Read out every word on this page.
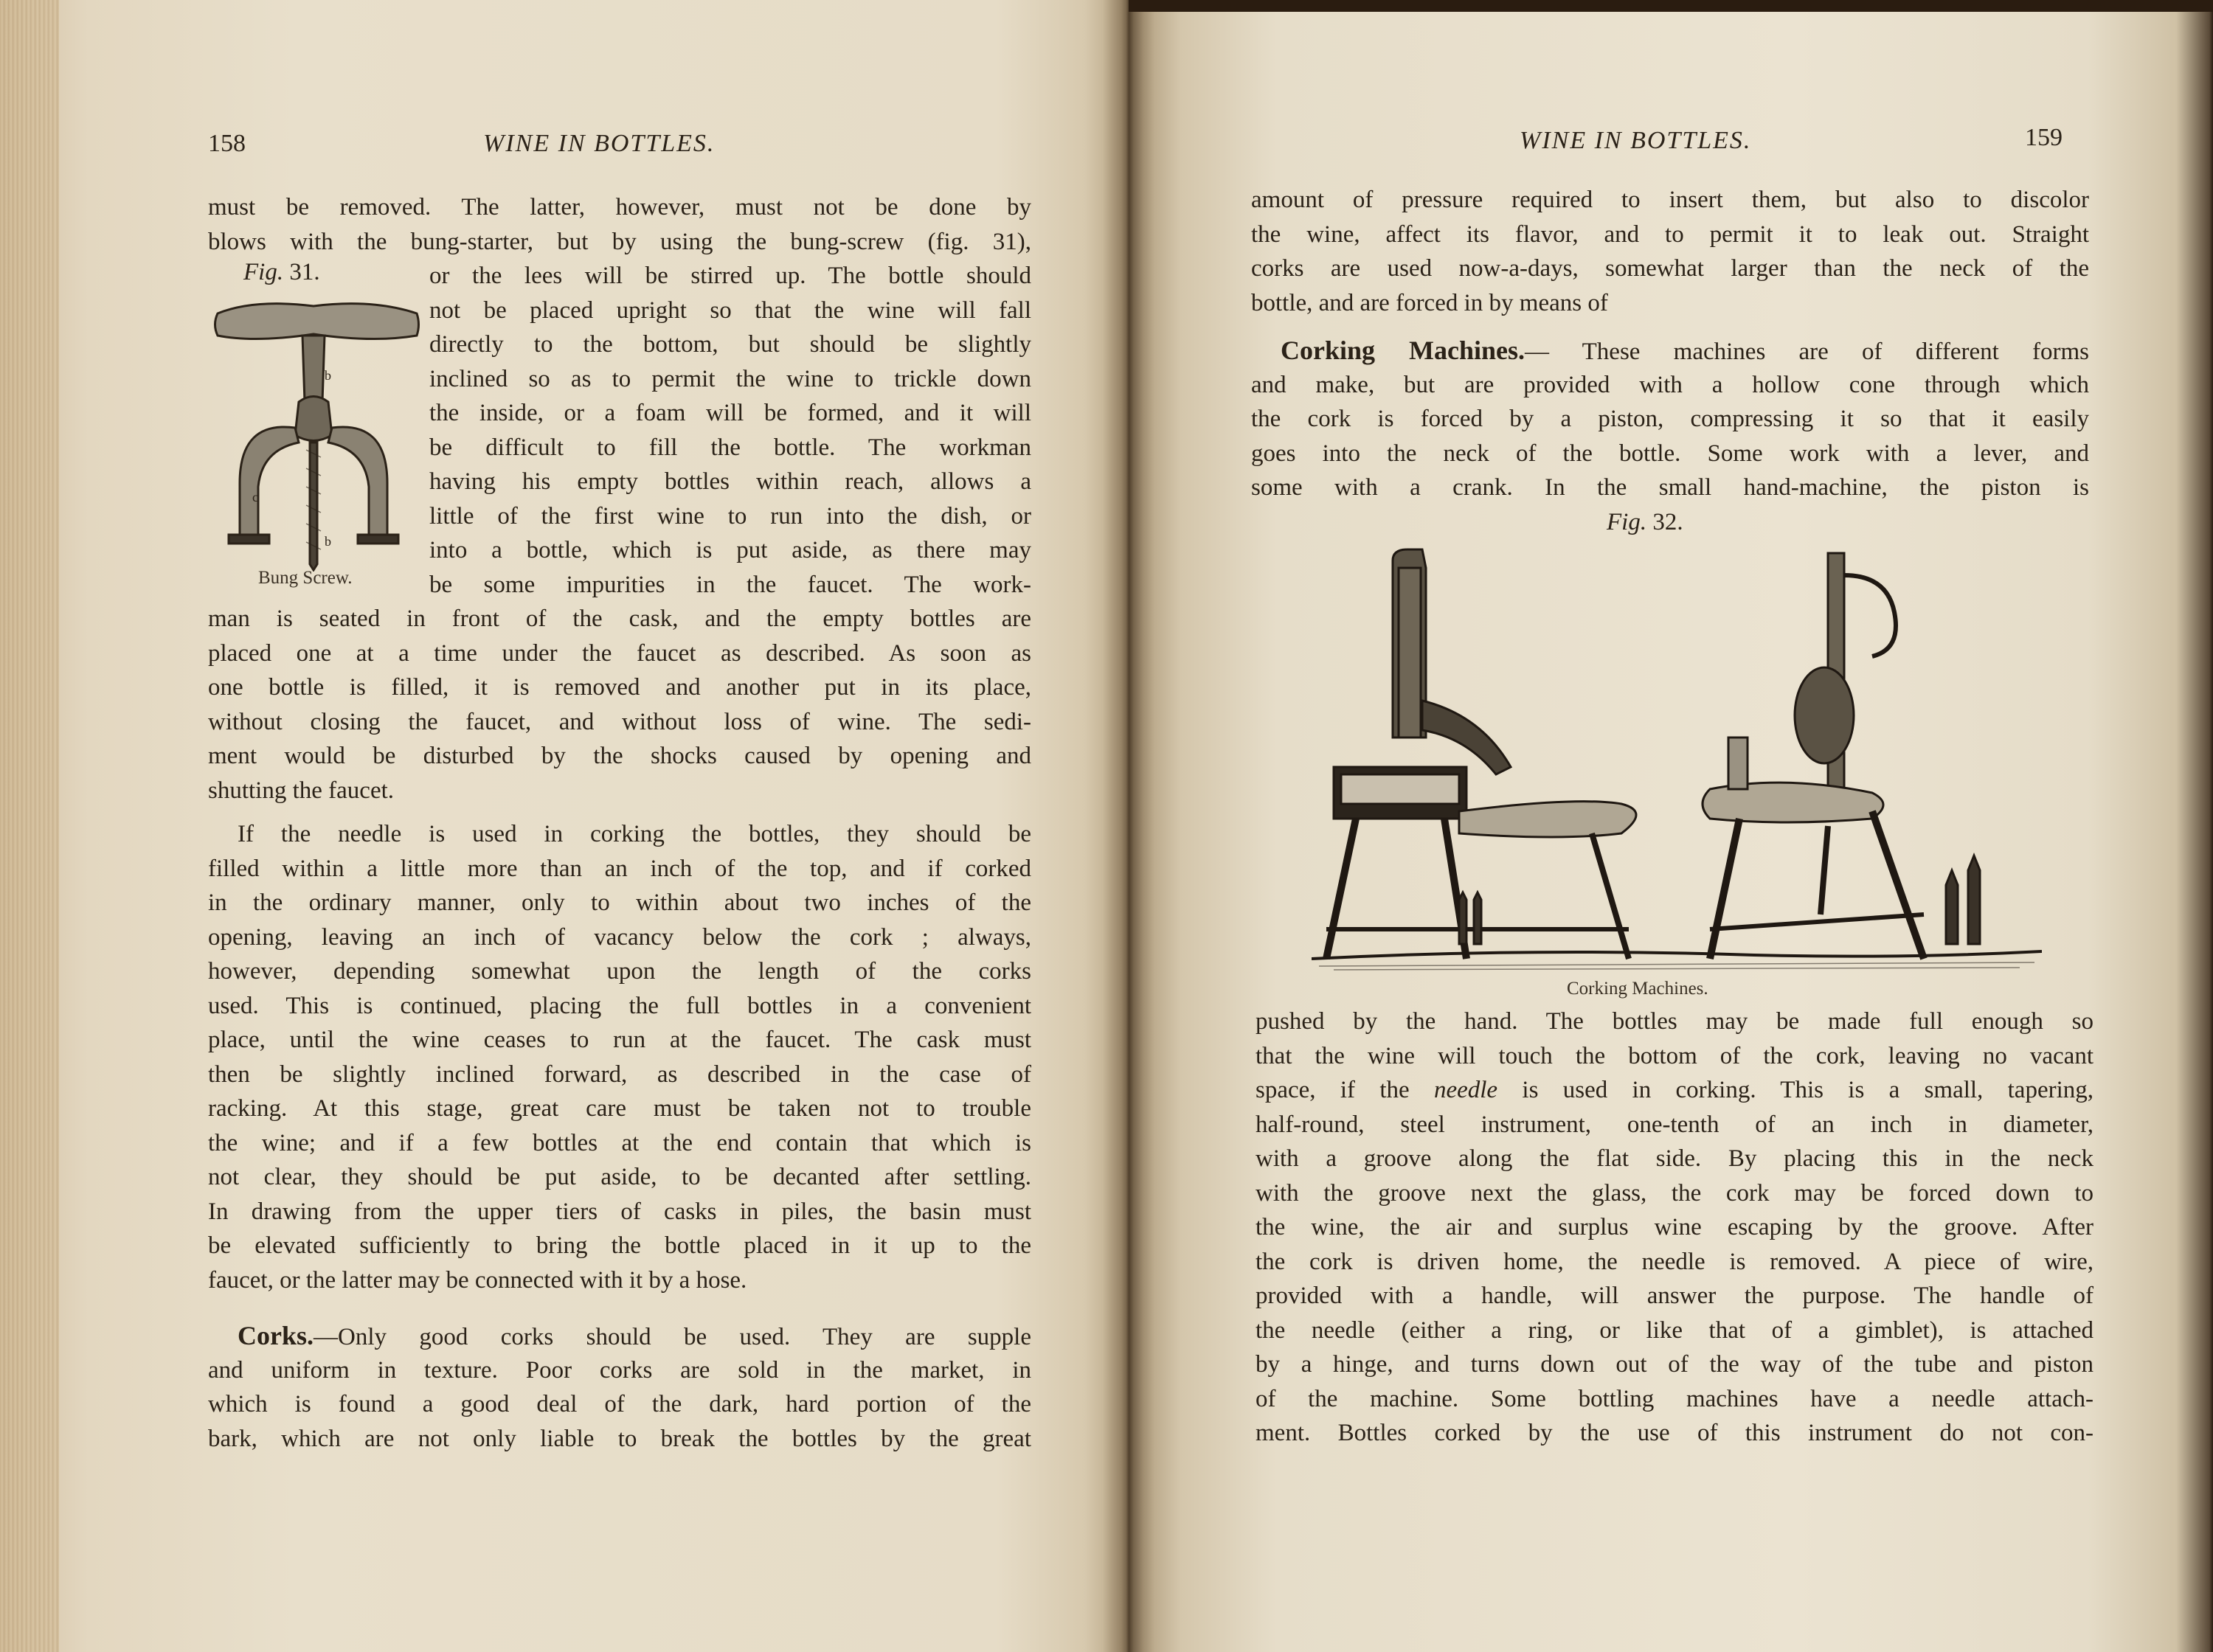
158	WINE IN BOTTLES.
must be removed. The latter, however, must not be done by
blows with the bung-starter, but by using the bung-screw (fig. 31),
Fig. 31.
c
b
b
Bung Screw.
or the lees will be stirred up. The bottle should
not be placed upright so that the wine will fall
directly to the bottom, but should be slightly
inclined so as to permit the wine to trickle down
the inside, or a foam will be formed, and it will
be difficult to fill the bottle. The workman
having his empty bottles within reach, allows a
little of the first wine to run into the dish, or
into a bottle, which is put aside, as there may
be some impurities in the faucet. The work-
man is seated in front of the cask, and the empty bottles are
placed one at a time under the faucet as described. As soon as
one bottle is filled, it is removed and another put in its place,
without closing the faucet, and without loss of wine. The sedi-
ment would be disturbed by the shocks caused by opening and
shutting the faucet.
If the needle is used in corking the bottles, they should be
filled within a little more than an inch of the top, and if corked
in the ordinary manner, only to within about two inches of the
opening, leaving an inch of vacancy below the cork ; always,
however, depending somewhat upon the length of the corks
used. This is continued, placing the full bottles in a convenient
place, until the wine ceases to run at the faucet. The cask must
then be slightly inclined forward, as described in the case of
racking. At this stage, great care must be taken not to trouble
the wine; and if a few bottles at the end contain that which is
not clear, they should be put aside, to be decanted after settling.
In drawing from the upper tiers of casks in piles, the basin must
be elevated sufficiently to bring the bottle placed in it up to the
faucet, or the latter may be connected with it by a hose.
Corks.—Only good corks should be used. They are supple
and uniform in texture. Poor corks are sold in the market, in
which is found a good deal of the dark, hard portion of the
bark, which are not only liable to break the bottles by the great
WINE IN BOTTLES.	159
amount of pressure required to insert them, but also to discolor
the wine, affect its flavor, and to permit it to leak out. Straight
corks are used now-a-days, somewhat larger than the neck of the
bottle, and are forced in by means of
Corking Machines.— These machines are of different forms
and make, but are provided with a hollow cone through which
the cork is forced by a piston, compressing it so that it easily
goes into the neck of the bottle. Some work with a lever, and
some with a crank. In the small hand-machine, the piston is
Fig. 32.
Corking Machines.
pushed by the hand. The bottles may be made full enough so
that the wine will touch the bottom of the cork, leaving no vacant
space, if the needle is used in corking. This is a small, tapering,
half-round, steel instrument, one-tenth of an inch in diameter,
with a groove along the flat side. By placing this in the neck
with the groove next the glass, the cork may be forced down to
the wine, the air and surplus wine escaping by the groove. After
the cork is driven home, the needle is removed. A piece of wire,
provided with a handle, will answer the purpose. The handle of
the needle (either a ring, or like that of a gimblet), is attached
by a hinge, and turns down out of the way of the tube and piston
of the machine. Some bottling machines have a needle attach-
ment. Bottles corked by the use of this instrument do not con-
